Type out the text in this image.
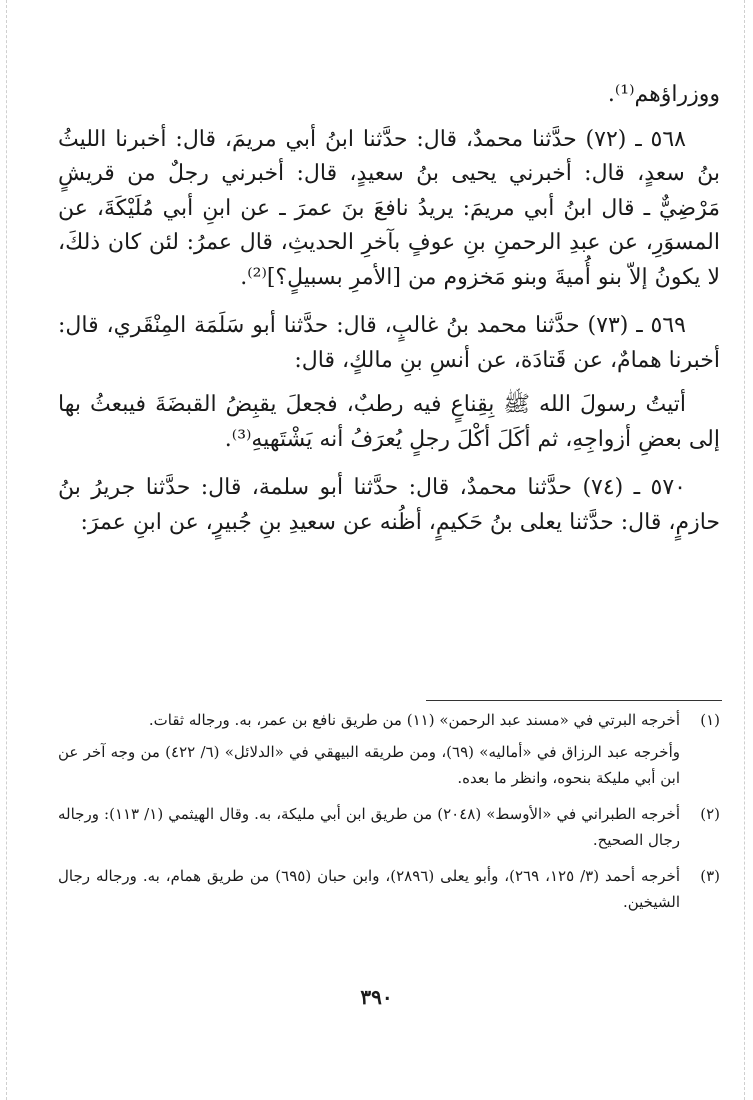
ووزراؤهم⁽¹⁾.

٥٦٨ ـ (٧٢) حدَّثنا محمدٌ، قال: حدَّثنا ابنُ أبي مريمَ، قال: أخبرنا الليثُ بنُ سعدٍ، قال: أخبرني يحيى بنُ سعيدٍ، قال: أخبرني رجلٌ من قريشٍ مَرْضِيٌّ ـ قال ابنُ أبي مريمَ: يريدُ نافعَ بنَ عمرَ ـ عن ابنِ أبي مُلَيْكَةَ، عن المسوَرِ، عن عبدِ الرحمنِ بنِ عوفٍ بآخرِ الحديثِ، قال عمرُ: لئن كان ذلكَ، لا يكونُ إلاّ بنو أُميةَ وبنو مَخزوم من [الأمرِ بسبيلٍ؟]⁽²⁾.

٥٦٩ ـ (٧٣) حدَّثنا محمد بنُ غالبٍ، قال: حدَّثنا أبو سَلَمَة المِنْقَري، قال: أخبرنا همامٌ، عن قَتادَة، عن أنسِ بنِ مالكٍ، قال:

أتيتُ رسولَ الله ﷺ بِقِناعٍ فيه رطبٌ، فجعلَ يقبِضُ القبضَةَ فيبعثُ بها إلى بعضِ أزواجِهِ، ثم أكَلَ أكْلَ رجلٍ يُعرَفُ أنه يَشْتَهيهِ⁽³⁾.

٥٧٠ ـ (٧٤) حدَّثنا محمدٌ، قال: حدَّثنا أبو سلمة، قال: حدَّثنا جريرُ بنُ حازمٍ، قال: حدَّثنا يعلى بنُ حَكيمٍ، أظُنه عن سعيدِ بنِ جُبيرٍ، عن ابنِ عمرَ:

(١)

أخرجه البرتي في «مسند عبد الرحمن» (١١) من طريق نافع بن عمر، به. ورجاله ثقات.

وأخرجه عبد الرزاق في «أماليه» (٦٩)، ومن طريقه البيهقي في «الدلائل» (٦/ ٤٢٢) من وجه آخر عن ابن أبي مليكة بنحوه، وانظر ما بعده.

(٢)

أخرجه الطبراني في «الأوسط» (٢٠٤٨) من طريق ابن أبي مليكة، به. وقال الهيثمي (١/ ١١٣): ورجاله رجال الصحيح.

(٣)

أخرجه أحمد (٣/ ١٢٥، ٢٦٩)، وأبو يعلى (٢٨٩٦)، وابن حبان (٦٩٥) من طريق همام، به. ورجاله رجال الشيخين.

٣٩٠
